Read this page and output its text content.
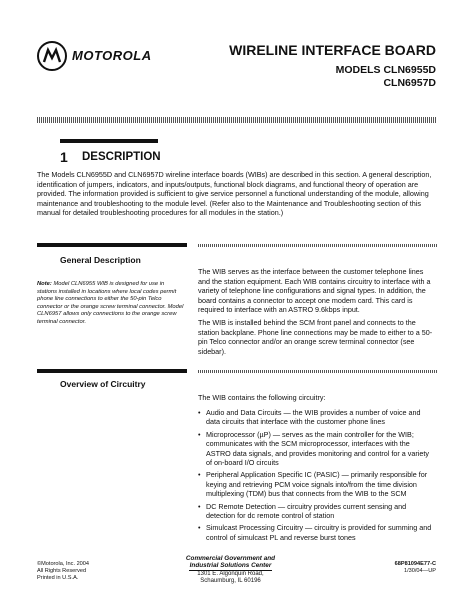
MOTOROLA	WIRELINE INTERFACE BOARD
MODELS CLN6955D
CLN6957D
1 DESCRIPTION
The Models CLN6955D and CLN6957D wireline interface boards (WIBs) are described in this section. A general description, identification of jumpers, indicators, and inputs/outputs, functional block diagrams, and functional theory of operation are provided. The information provided is sufficient to give service personnel a functional understanding of the module, allowing maintenance and troubleshooting to the module level. (Refer also to the Maintenance and Troubleshooting section of this manual for detailed troubleshooting procedures for all modules in the station.)
General Description
Note: Model CLN6955 WIB is designed for use in stations installed in locations where local codes permit phone line connections to either the 50-pin Telco connector or the orange screw terminal connector. Model CLN6957 allows only connections to the orange screw terminal connector.
The WIB serves as the interface between the customer telephone lines and the station equipment. Each WIB contains circuitry to interface with a variety of telephone line configurations and signal types. In addition, the board contains a connector to accept one modem card. This card is required to interface with an ASTRO 9.6kbps input.
The WIB is installed behind the SCM front panel and connects to the station backplane. Phone line connections may be made to either to a 50-pin Telco connector and/or an orange screw terminal connector (see sidebar).
Overview of Circuitry
The WIB contains the following circuitry:
• Audio and Data Circuits — the WIB provides a number of voice and data circuits that interface with the customer phone lines
• Microprocessor (µP) — serves as the main controller for the WIB; communicates with the SCM microprocessor, interfaces with the ASTRO data signals, and provides monitoring and control for a variety of on-board I/O circuits
• Peripheral Application Specific IC (PASIC) — primarily responsible for keying and retrieving PCM voice signals into/from the time division multiplexing (TDM) bus that connects from the WIB to the SCM
• DC Remote Detection — circuitry provides current sensing and detection for dc remote control of station
• Simulcast Processing Circuitry — circuitry is provided for summing and control of simulcast PL and reverse burst tones
©Motorola, Inc. 2004
All Rights Reserved
Printed in U.S.A.
Commercial Government and
Industrial Solutions Center
1301 E. Algonquin Road, Schaumburg, IL 60196
68P81094E77-C
1/30/04—UP
